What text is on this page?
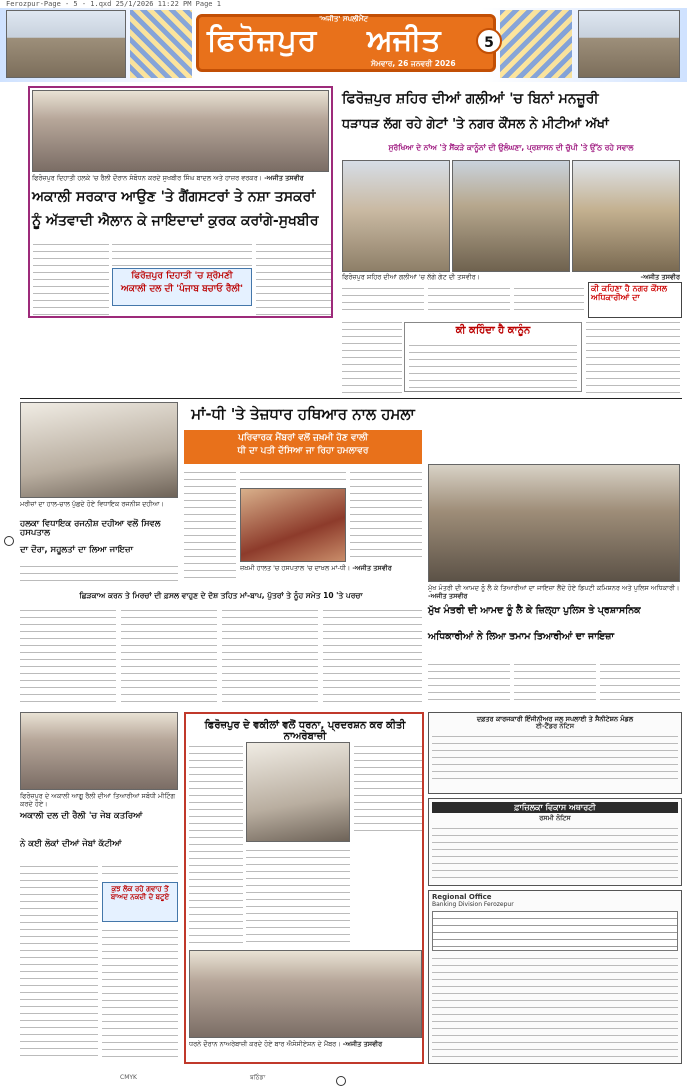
Ferozpur-Page - 5 - 1.qxd 25/1/2026 11:22 PM Page 1
'ਅਜੀਤ' ਸਪਲੀਮੈਂਟ
ਫਿਰੋਜ਼ਪੁਰ ਅਜੀਤ
ਸੋਮਵਾਰ, 26 ਜਨਵਰੀ 2026
5
ਫਿਰੋਜ਼ਪੁਰ ਦਿਹਾਤੀ ਹਲਕੇ 'ਚ ਰੈਲੀ ਦੌਰਾਨ ਸੰਬੋਧਨ ਕਰਦੇ ਸੁਖਬੀਰ ਸਿੰਘ ਬਾਦਲ ਅਤੇ ਹਾਜ਼ਰ ਵਰਕਰ। -ਅਜੀਤ ਤਸਵੀਰ
ਅਕਾਲੀ ਸਰਕਾਰ ਆਉਣ 'ਤੇ ਗੈਂਗਸਟਰਾਂ ਤੇ ਨਸ਼ਾ ਤਸਕਰਾਂ
ਨੂੰ ਅੱਤਵਾਦੀ ਐਲਾਨ ਕੇ ਜਾਇਦਾਦਾਂ ਕੁਰਕ ਕਰਾਂਗੇ-ਸੁਖਬੀਰ
ਫਿਰੋਜ਼ਪੁਰ ਦਿਹਾਤੀ 'ਚ ਸ਼੍ਰੋਮਣੀ
ਅਕਾਲੀ ਦਲ ਦੀ 'ਪੰਜਾਬ ਬਚਾਓ ਰੈਲੀ'
ਫਿਰੋਜ਼ਪੁਰ ਸ਼ਹਿਰ ਦੀਆਂ ਗਲੀਆਂ 'ਚ ਬਿਨਾਂ ਮਨਜ਼ੂਰੀ
ਧੜਾਧੜ ਲੱਗ ਰਹੇ ਗੇਟਾਂ 'ਤੇ ਨਗਰ ਕੌਂਸਲ ਨੇ ਮੀਟੀਆਂ ਅੱਖਾਂ
ਸੁਰੱਖਿਆ ਦੇ ਨਾਂਅ 'ਤੇ ਸੈਂਕੜੇ ਕਾਨੂੰਨਾਂ ਦੀ ਉਲੰਘਣਾ, ਪ੍ਰਸ਼ਾਸਨ ਦੀ ਚੁੱਪੀ 'ਤੇ ਉੱਠ ਰਹੇ ਸਵਾਲ
ਫਿਰੋਜ਼ਪੁਰ ਸ਼ਹਿਰ ਦੀਆਂ ਗਲੀਆਂ 'ਚ ਲੱਗੇ ਗੇਟ ਦੀ ਤਸਵੀਰ।	-ਅਜੀਤ ਤਸਵੀਰ
ਕੀ ਕਹਿਣਾ ਹੈ ਨਗਰ ਕੌਂਸਲ ਅਧਿਕਾਰੀਆਂ ਦਾ
ਕੀ ਕਹਿੰਦਾ ਹੈ ਕਾਨੂੰਨ
ਮਰੀਜ਼ਾਂ ਦਾ ਹਾਲ-ਚਾਲ ਪੁੱਛਦੇ ਹੋਏ ਵਿਧਾਇਕ ਰਜਨੀਸ਼ ਦਹੀਆ।
ਹਲਕਾ ਵਿਧਾਇਕ ਰਜਨੀਸ਼ ਦਹੀਆ ਵਲੋਂ ਸਿਵਲ ਹਸਪਤਾਲ
ਦਾ ਦੌਰਾ, ਸਹੂਲਤਾਂ ਦਾ ਲਿਆ ਜਾਇਜ਼ਾ
ਮਾਂ-ਧੀ 'ਤੇ ਤੇਜ਼ਧਾਰ ਹਥਿਆਰ ਨਾਲ ਹਮਲਾ
ਪਰਿਵਾਰਕ ਮੈਂਬਰਾਂ ਵਲੋਂ ਜ਼ਖ਼ਮੀ ਹੋਣ ਵਾਲੀ
ਧੀ ਦਾ ਪਤੀ ਦੱਸਿਆ ਜਾ ਰਿਹਾ ਹਮਲਾਵਰ
ਜ਼ਖ਼ਮੀ ਹਾਲਤ 'ਚ ਹਸਪਤਾਲ 'ਚ ਦਾਖ਼ਲ ਮਾਂ-ਧੀ। -ਅਜੀਤ ਤਸਵੀਰ
ਮੁੱਖ ਮੰਤਰੀ ਦੀ ਆਮਦ ਨੂੰ ਲੈ ਕੇ ਤਿਆਰੀਆਂ ਦਾ ਜਾਇਜ਼ਾ ਲੈਂਦੇ ਹੋਏ ਡਿਪਟੀ ਕਮਿਸ਼ਨਰ ਅਤੇ ਪੁਲਿਸ ਅਧਿਕਾਰੀ। -ਅਜੀਤ ਤਸਵੀਰ
ਮੁੱਖ ਮੰਤਰੀ ਦੀ ਆਮਦ ਨੂੰ ਲੈ ਕੇ ਜ਼ਿਲ੍ਹਾ ਪੁਲਿਸ ਤੇ ਪ੍ਰਸ਼ਾਸਨਿਕ
ਅਧਿਕਾਰੀਆਂ ਨੇ ਲਿਆ ਤਮਾਮ ਤਿਆਰੀਆਂ ਦਾ ਜਾਇਜ਼ਾ
ਛਿੜਕਾਅ ਕਰਨ ਤੇ ਮਿਰਚਾਂ ਦੀ ਫ਼ਸਲ ਵਾਹੁਣ ਦੇ ਦੋਸ਼ ਤਹਿਤ ਮਾਂ-ਬਾਪ, ਪੁੱਤਰਾਂ ਤੇ ਨੂੰਹ ਸਮੇਤ 10 'ਤੇ ਪਰਚਾ
ਫਿਰੋਜ਼ਪੁਰ ਦੇ ਅਕਾਲੀ ਆਗੂ ਰੈਲੀ ਦੀਆਂ ਤਿਆਰੀਆਂ ਸਬੰਧੀ ਮੀਟਿੰਗ ਕਰਦੇ ਹੋਏ।
ਅਕਾਲੀ ਦਲ ਦੀ ਰੈਲੀ 'ਚ ਜੇਬ ਕਤਰਿਆਂ
ਨੇ ਕਈ ਲੋਕਾਂ ਦੀਆਂ ਜੇਬਾਂ ਕੱਟੀਆਂ
ਕੁਝ ਲੋਕ ਰਹੇ ਗਵਾਹ ਤੋਂ ਬਾਅਦ ਨਕਦੀ ਦੇ ਬਟੂਏ
ਫਿਰੋਜ਼ਪੁਰ ਦੇ ਵਕੀਲਾਂ ਵਲੋਂ ਧਰਨਾ, ਪ੍ਰਦਰਸ਼ਨ ਕਰ ਕੀਤੀ ਨਾਅਰੇਬਾਜ਼ੀ
ਧਰਨੇ ਦੌਰਾਨ ਨਾਅਰੇਬਾਜ਼ੀ ਕਰਦੇ ਹੋਏ ਬਾਰ ਐਸੋਸੀਏਸ਼ਨ ਦੇ ਮੈਂਬਰ। -ਅਜੀਤ ਤਸਵੀਰ
ਦਫ਼ਤਰ ਕਾਰਜਕਾਰੀ ਇੰਜੀਨੀਅਰ ਜਲ ਸਪਲਾਈ ਤੇ ਸੈਨੀਟੇਸ਼ਨ ਮੰਡਲ
ਈ-ਟੈਂਡਰ ਨੋਟਿਸ
ਫ਼ਾਜ਼ਿਲਕਾ ਵਿਕਾਸ ਅਥਾਰਟੀ
ਰਸਮੀ ਨੋਟਿਸ
Regional Office
Banking Division Ferozepur
CMYK	ਬਠਿੰਡਾ
